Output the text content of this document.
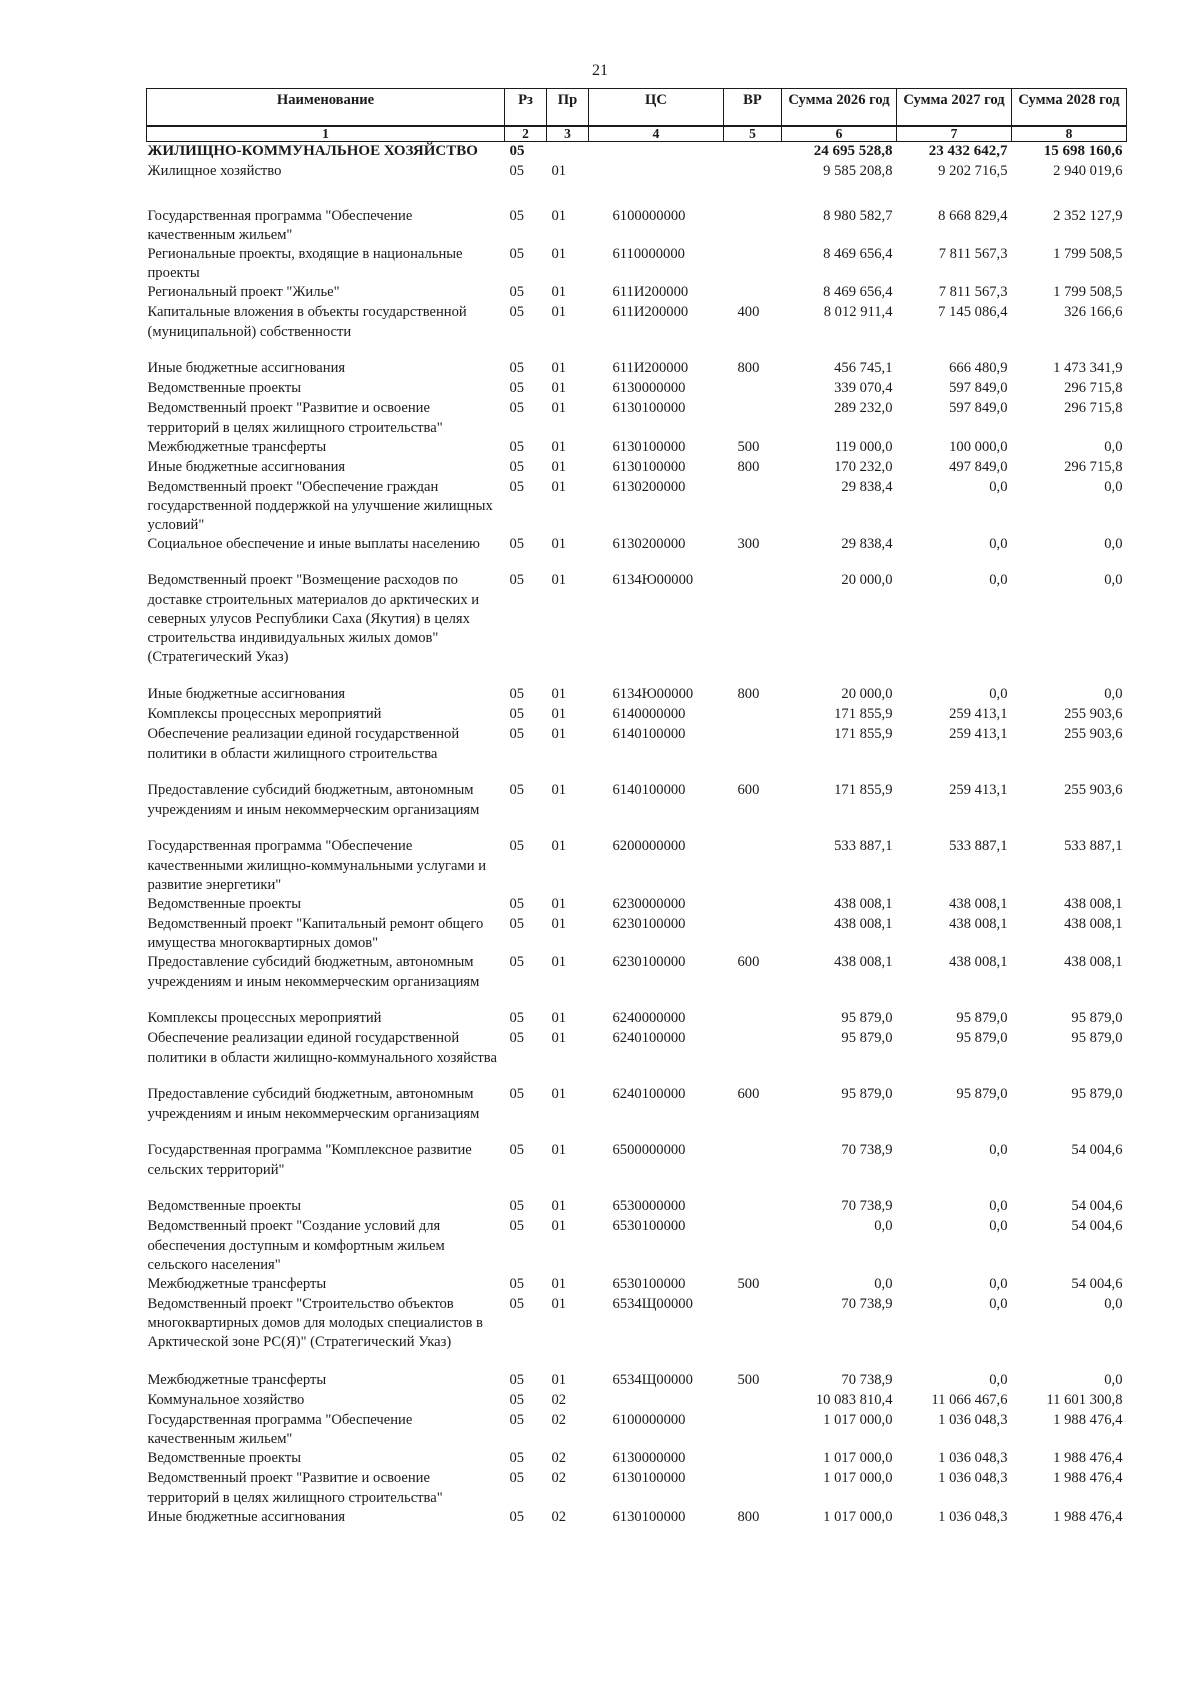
21
Наименование	Рз	Пр	ЦС	ВР	Сумма 2026 год	Сумма 2027 год	Сумма 2028 год
1	2	3	4	5	6	7	8
ЖИЛИЩНО-КОММУНАЛЬНОЕ ХОЗЯЙСТВО	05				24 695 528,8	23 432 642,7	15 698 160,6
Жилищное хозяйство	05	01			9 585 208,8	9 202 716,5	2 940 019,6
Государственная программа "Обеспечение качественным жильем"	05	01	6100000000		8 980 582,7	8 668 829,4	2 352 127,9
Региональные проекты, входящие в национальные проекты	05	01	6110000000		8 469 656,4	7 811 567,3	1 799 508,5
Региональный проект "Жилье"	05	01	611И200000		8 469 656,4	7 811 567,3	1 799 508,5
Капитальные вложения в объекты государственной (муниципальной) собственности	05	01	611И200000	400	8 012 911,4	7 145 086,4	326 166,6
Иные бюджетные ассигнования	05	01	611И200000	800	456 745,1	666 480,9	1 473 341,9
Ведомственные проекты	05	01	6130000000		339 070,4	597 849,0	296 715,8
Ведомственный проект "Развитие и освоение территорий в целях жилищного строительства"	05	01	6130100000		289 232,0	597 849,0	296 715,8
Межбюджетные трансферты	05	01	6130100000	500	119 000,0	100 000,0	0,0
Иные бюджетные ассигнования	05	01	6130100000	800	170 232,0	497 849,0	296 715,8
Ведомственный проект "Обеспечение граждан государственной поддержкой на улучшение жилищных условий"	05	01	6130200000		29 838,4	0,0	0,0
Социальное обеспечение и иные выплаты населению	05	01	6130200000	300	29 838,4	0,0	0,0
Ведомственный проект "Возмещение расходов по доставке строительных материалов до арктических и северных улусов Республики Саха (Якутия) в целях строительства индивидуальных жилых домов" (Стратегический Указ)	05	01	6134Ю00000		20 000,0	0,0	0,0
Иные бюджетные ассигнования	05	01	6134Ю00000	800	20 000,0	0,0	0,0
Комплексы процессных мероприятий	05	01	6140000000		171 855,9	259 413,1	255 903,6
Обеспечение реализации единой государственной политики в области жилищного строительства	05	01	6140100000		171 855,9	259 413,1	255 903,6
Предоставление субсидий бюджетным, автономным учреждениям и иным некоммерческим организациям	05	01	6140100000	600	171 855,9	259 413,1	255 903,6
Государственная программа "Обеспечение качественными жилищно-коммунальными услугами и развитие энергетики"	05	01	6200000000		533 887,1	533 887,1	533 887,1
Ведомственные проекты	05	01	6230000000		438 008,1	438 008,1	438 008,1
Ведомственный проект "Капитальный ремонт общего имущества многоквартирных домов"	05	01	6230100000		438 008,1	438 008,1	438 008,1
Предоставление субсидий бюджетным, автономным учреждениям и иным некоммерческим организациям	05	01	6230100000	600	438 008,1	438 008,1	438 008,1
Комплексы процессных мероприятий	05	01	6240000000		95 879,0	95 879,0	95 879,0
Обеспечение реализации единой государственной политики в области жилищно-коммунального хозяйства	05	01	6240100000		95 879,0	95 879,0	95 879,0
Предоставление субсидий бюджетным, автономным учреждениям и иным некоммерческим организациям	05	01	6240100000	600	95 879,0	95 879,0	95 879,0
Государственная программа "Комплексное развитие сельских территорий"	05	01	6500000000		70 738,9	0,0	54 004,6
Ведомственные проекты	05	01	6530000000		70 738,9	0,0	54 004,6
Ведомственный проект "Создание условий для обеспечения доступным и комфортным жильем сельского населения"	05	01	6530100000		0,0	0,0	54 004,6
Межбюджетные трансферты	05	01	6530100000	500	0,0	0,0	54 004,6
Ведомственный проект "Строительство объектов многоквартирных домов для молодых специалистов в Арктической зоне РС(Я)" (Стратегический Указ)	05	01	6534Щ00000		70 738,9	0,0	0,0
Межбюджетные трансферты	05	01	6534Щ00000	500	70 738,9	0,0	0,0
Коммунальное хозяйство	05	02			10 083 810,4	11 066 467,6	11 601 300,8
Государственная программа "Обеспечение качественным жильем"	05	02	6100000000		1 017 000,0	1 036 048,3	1 988 476,4
Ведомственные проекты	05	02	6130000000		1 017 000,0	1 036 048,3	1 988 476,4
Ведомственный проект "Развитие и освоение территорий в целях жилищного строительства"	05	02	6130100000		1 017 000,0	1 036 048,3	1 988 476,4
Иные бюджетные ассигнования	05	02	6130100000	800	1 017 000,0	1 036 048,3	1 988 476,4
